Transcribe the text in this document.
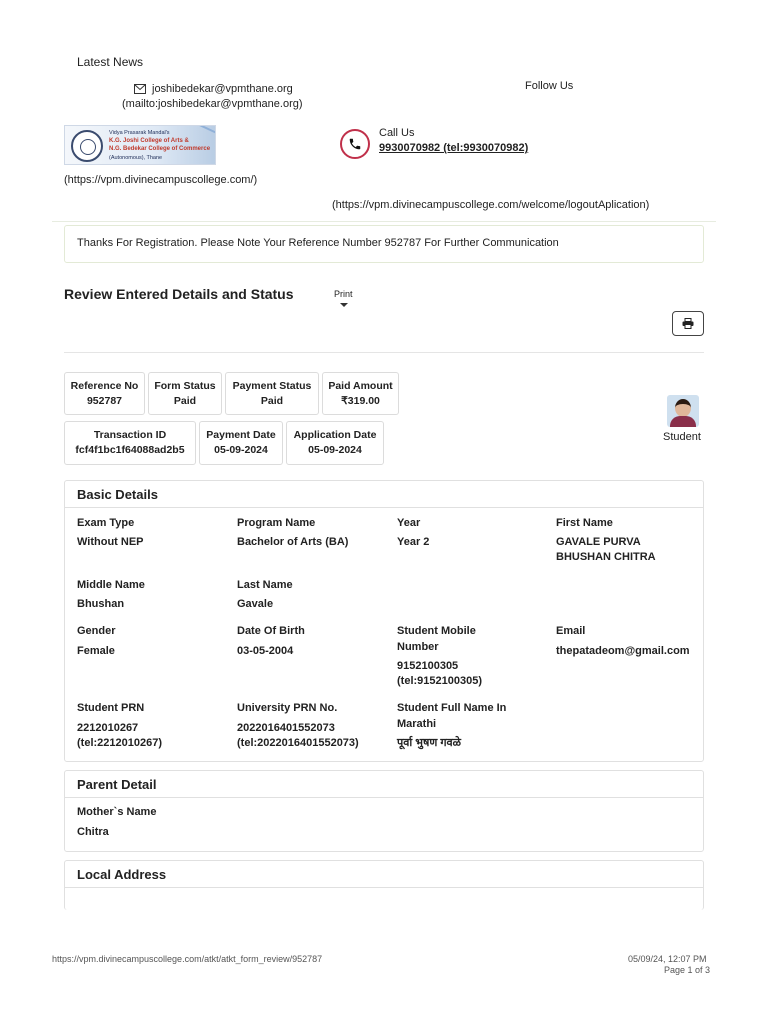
Latest News
joshibedekar@vpmthane.org
(mailto:joshibedekar@vpmthane.org)
Follow Us
Vidya Prasarak Mandal's
K.G. Joshi College of Arts &
N.G. Bedekar College of Commerce
(Autonomous), Thane
(https://vpm.divinecampuscollege.com/)
Call Us
9930070982 (tel:9930070982)
(https://vpm.divinecampuscollege.com/welcome/logoutAplication)
Thanks For Registration. Please Note Your Reference Number 952787 For Further Communication
Review Entered Details and Status	Print
Reference No
952787
Form Status
Paid
Payment Status
Paid
Paid Amount
₹319.00
Transaction ID
fcf4f1bc1f64088ad2b5
Payment Date
05-09-2024
Application Date
05-09-2024
Student
Basic Details
Exam Type
Without NEP
Program Name
Bachelor of Arts (BA)
Year
Year 2
First Name
GAVALE PURVA
BHUSHAN CHITRA
Middle Name
Bhushan
Last Name
Gavale
Gender
Female
Date Of Birth
03-05-2004
Student Mobile
Number
9152100305
(tel:9152100305)
Email
thepatadeom@gmail.com
Student PRN
2212010267
(tel:2212010267)
University PRN No.
2022016401552073
(tel:2022016401552073)
Student Full Name In
Marathi
पूर्वा भुषण गवळे
Parent Detail
Mother`s Name
Chitra
Local Address
https://vpm.divinecampuscollege.com/atkt/atkt_form_review/952787	05/09/24, 12:07 PM
Page 1 of 3
